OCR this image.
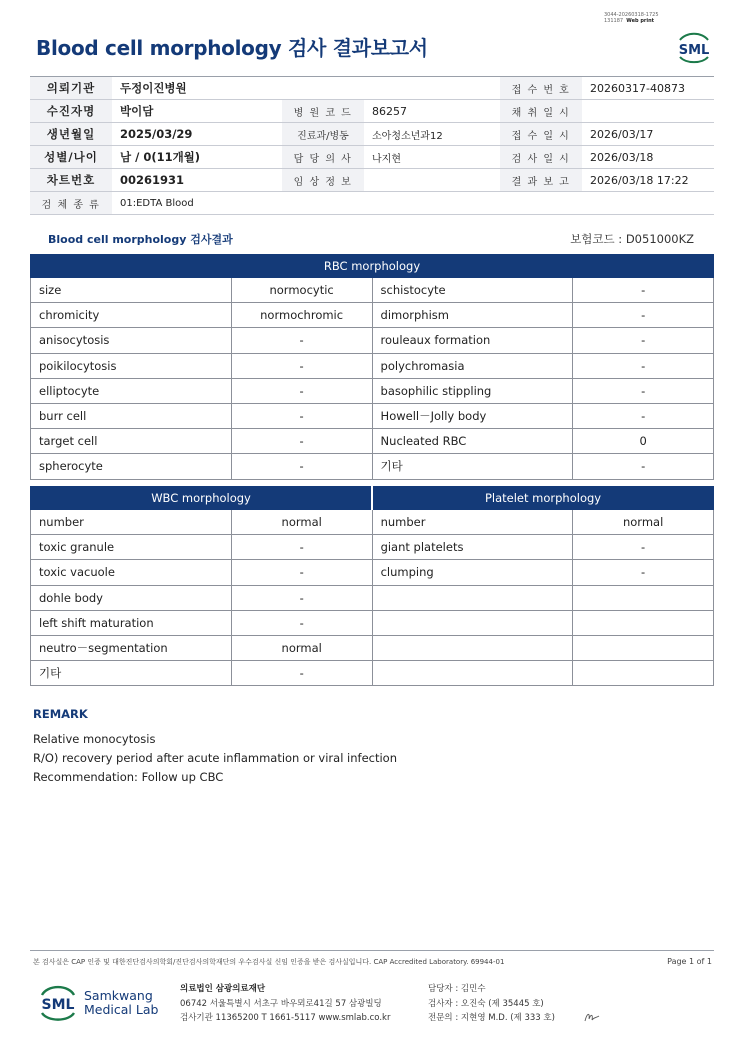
3044-20260318-1725
131187 Web print
Blood cell morphology 검사 결과보고서	SML
의뢰기관	두정이진병원			접 수 번 호	20260317-40873
수진자명	박이담	병 원 코 드	86257	채 취 일 시	
생년월일	2025/03/29	진료과/병동	소아청소년과12	접 수 일 시	2026/03/17
성별/나이	남 / 0(11개월)	담 당 의 사	나지현	검 사 일 시	2026/03/18
차트번호	00261931	임 상 정 보		결 과 보 고	2026/03/18 17:22
검 체 종 류	01:EDTA Blood				
Blood cell morphology 검사결과	보험코드 : D051000KZ
RBC morphology			
size	normocytic	schistocyte	-
chromicity	normochromic	dimorphism	-
anisocytosis	-	rouleaux formation	-
poikilocytosis	-	polychromasia	-
elliptocyte	-	basophilic stippling	-
burr cell	-	Howell－Jolly body	-
target cell	-	Nucleated RBC	0
spherocyte	-	기타	-
WBC morphology		Platelet morphology	
number	normal	number	normal
toxic granule	-	giant platelets	-
toxic vacuole	-	clumping	-
dohle body	-		
left shift maturation	-		
neutro－segmentation	normal		
기타	-		
REMARK
Relative monocytosis
R/O) recovery period after acute inflammation or viral infection
Recommendation: Follow up CBC
본 검사실은 CAP 인증 및 대한진단검사의학회/진단검사의학재단의 우수검사실 신임 인증을 받은 검사실입니다. CAP Accredited Laboratory. 69944-01	Page 1 of 1
SML
Samkwang
Medical Lab
의료법인 삼광의료재단
06742 서울특별시 서초구 바우뫼로41길 57 삼광빌딩
검사기관 11365200 T 1661-5117 www.smlab.co.kr
담당자 : 김민수
검사자 : 오진숙 (제 35445 호)
전문의 : 지현영 M.D. (제 333 호)
